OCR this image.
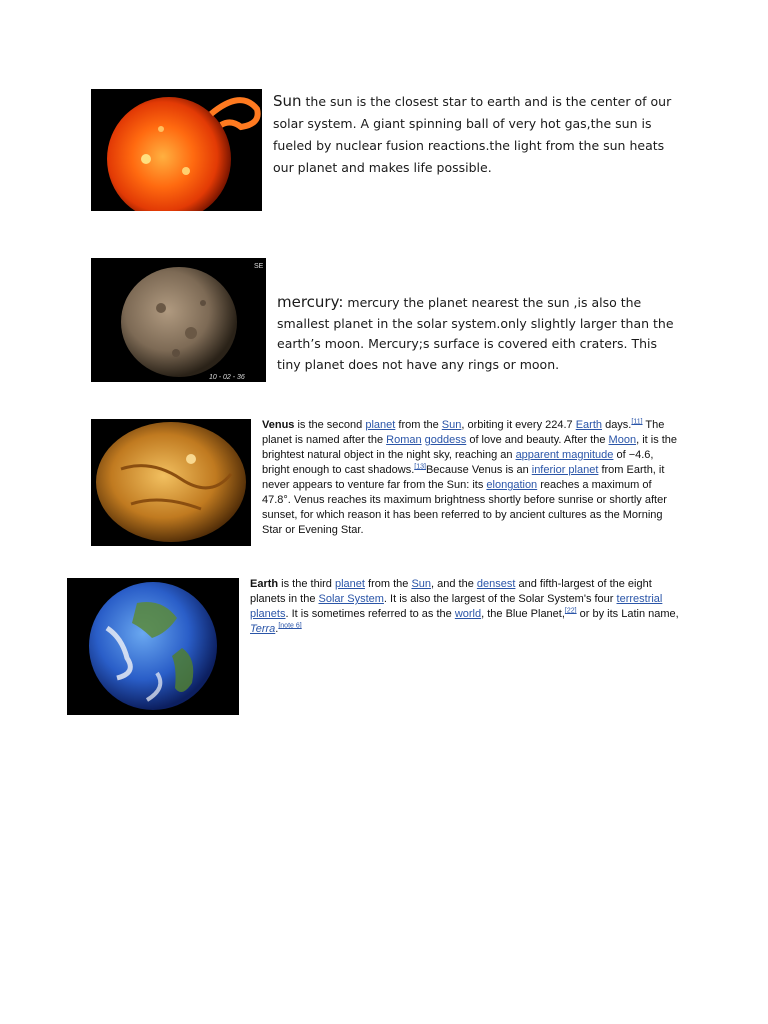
Sun the sun is the closest star to earth and is the center of our solar system. A giant spinning ball of very hot gas,the sun is fueled by nuclear fusion reactions.the light from the sun heats our planet and makes life possible.
SE
10 - 02 - 36
mercury: mercury the planet nearest the sun ,is also the smallest planet in the solar system.only slightly larger than the earth’s moon. Mercury;s surface is covered eith craters. This tiny planet does not have any rings or moon.
Venus is the second planet from the Sun, orbiting it every 224.7 Earth days.[11] The planet is named after the Roman goddess of love and beauty. After the Moon, it is the brightest natural object in the night sky, reaching an apparent magnitude of −4.6, bright enough to cast shadows.[13]Because Venus is an inferior planet from Earth, it never appears to venture far from the Sun: its elongation reaches a maximum of 47.8°. Venus reaches its maximum brightness shortly before sunrise or shortly after sunset, for which reason it has been referred to by ancient cultures as the Morning Star or Evening Star.
Earth is the third planet from the Sun, and the densest and fifth-largest of the eight planets in the Solar System. It is also the largest of the Solar System's four terrestrial planets. It is sometimes referred to as the world, the Blue Planet,[22] or by its Latin name, Terra.[note 6]
